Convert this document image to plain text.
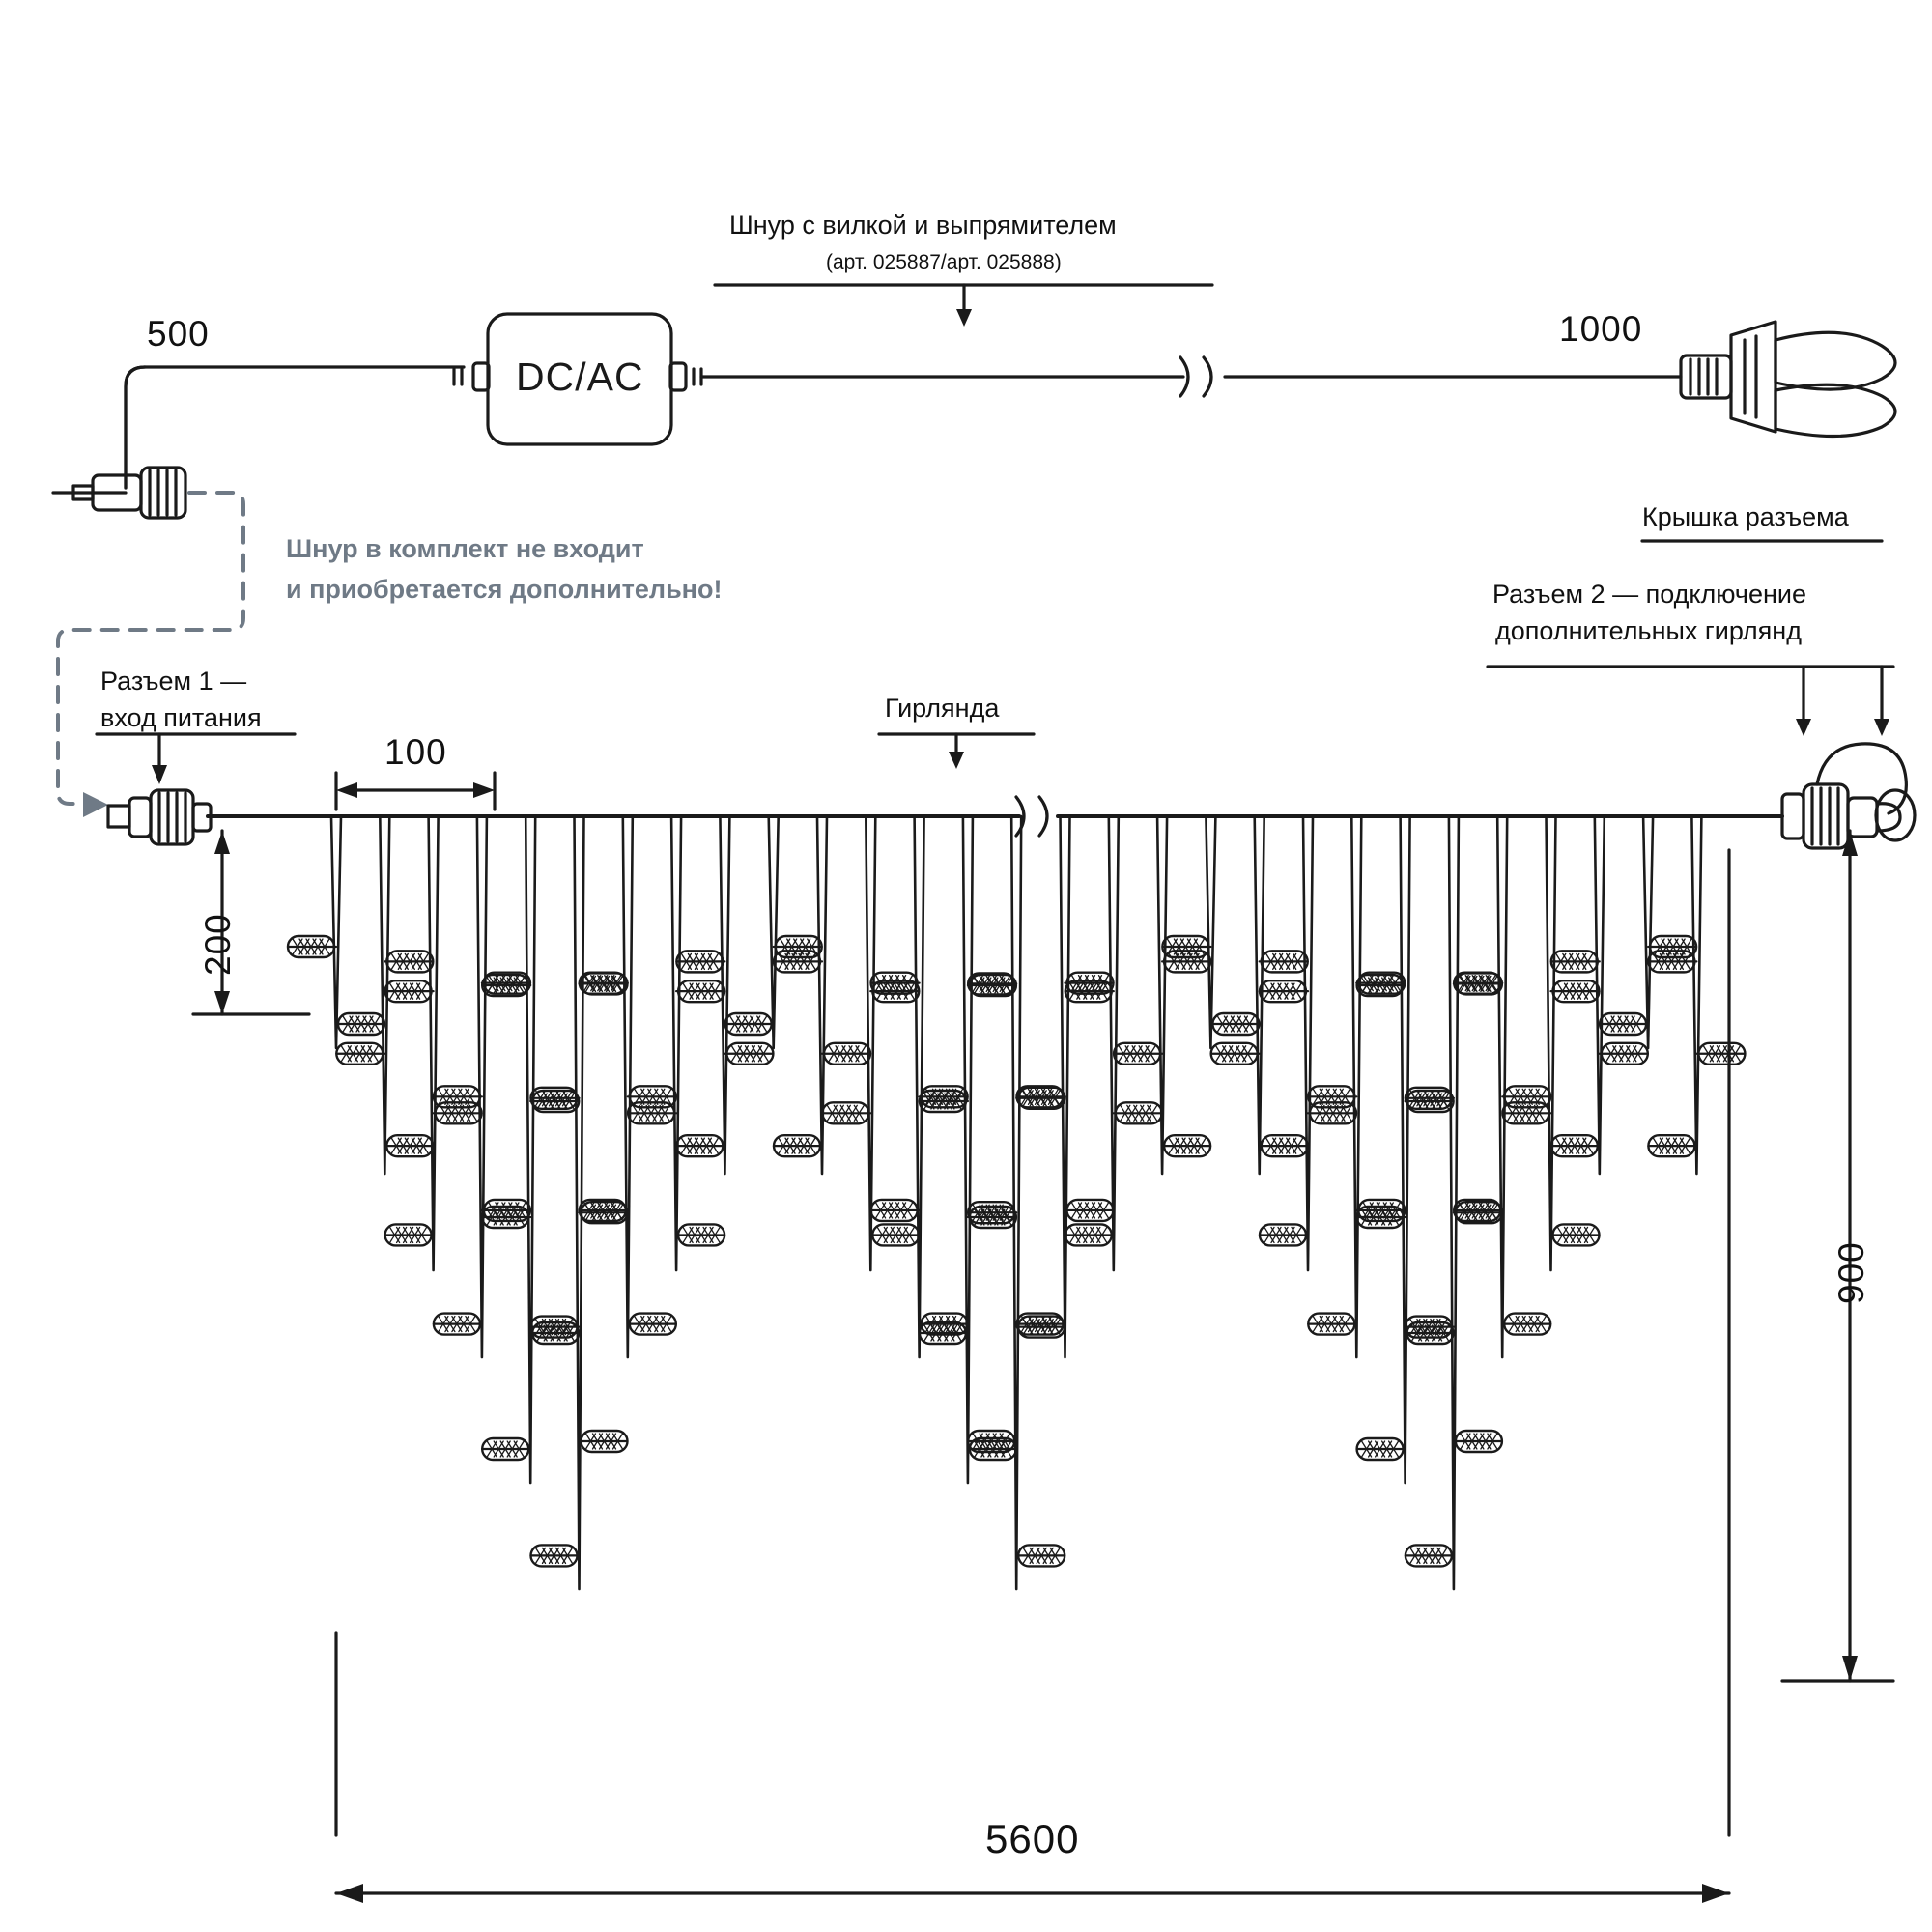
Шнур с вилкой и выпрямителем
(арт. 025887/арт. 025888)
500	1000
DC/AC
Шнур в комплект не входит
и приобретается дополнительно!
Крышка разъема
Разъем 2 — подключение
дополнительных гирлянд
Разъем 1 —
вход питания	Гирлянда
100
200
900
5600
